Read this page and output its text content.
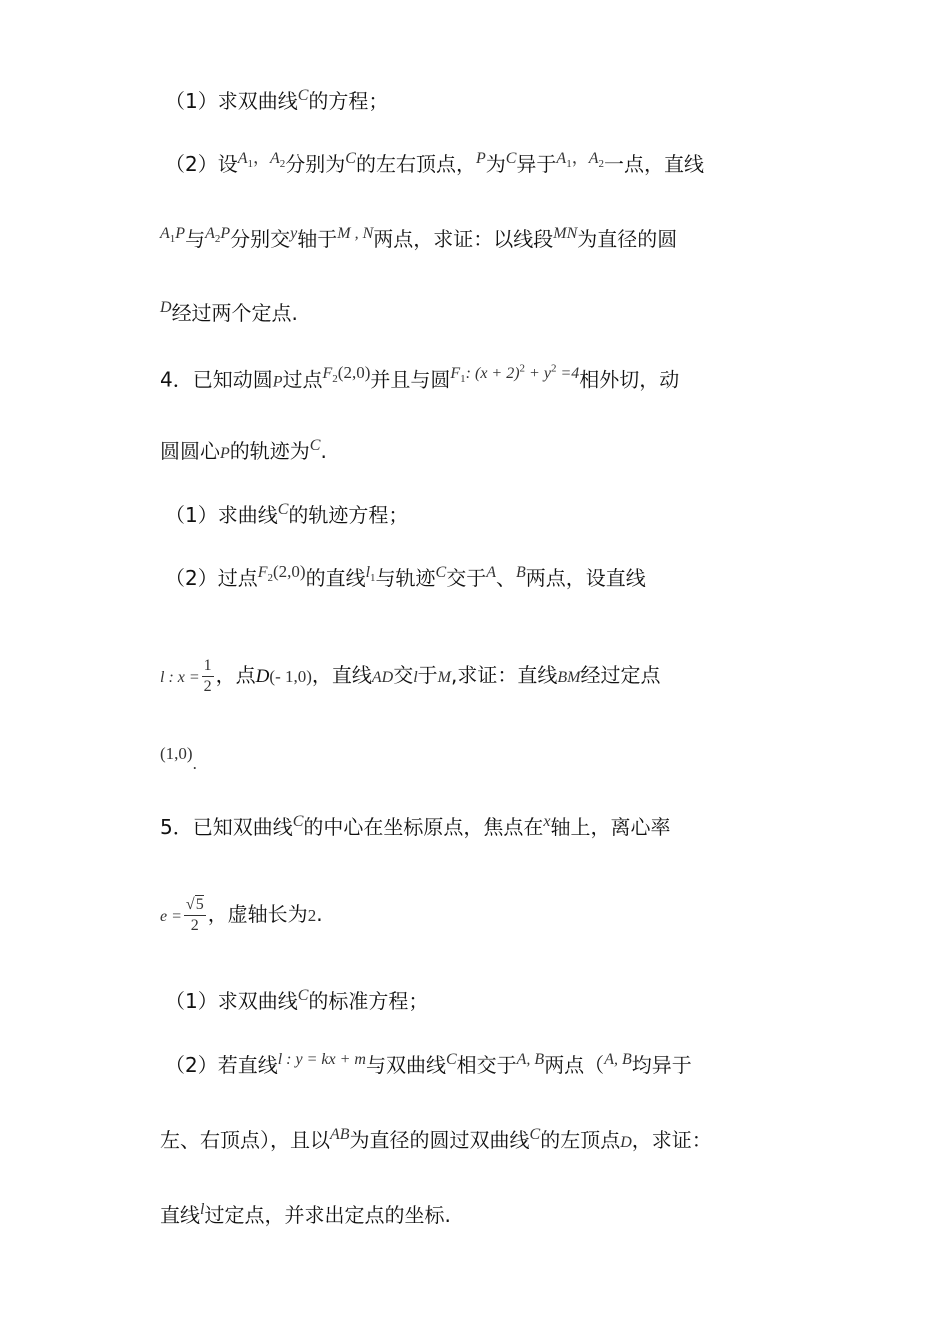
（1）求双曲线$^C$的方程；
（2）设$^{A_1,A_2}$分别为$^C$的左右顶点，$^P$为$^C$异于$^{A_1,A_2}$一点，直线
$^{A_1P}$与$^{A_2P}$分别交$^y$轴于$^{M , N}$两点，求证：以线段$^{MN}$为直径的圆
$^D$经过两个定点.
4．已知动圆P过点$^{F_2(2,0)}$并且与圆$^{F_1: (x + 2)^2 + y^2 =4}$相外切，动
圆圆心P的轨迹为$^C$.
（1）求曲线$^C$的轨迹方程；
（2）过点$^{F_2(2,0)}$的直线$^{l_1}$与轨迹$^C$交于$^A$、$^B$两点，设直线
l : $x = \frac{1}{2}$ ，点D(- 1,0)，直线AD交l于M,求证：直线BM经过定点
$(1,0)_.$
5．已知双曲线$^C$的中心在坐标原点，焦点在$^x$轴上，离心率
$e = \frac{√5}{2}$ ，虚轴长为2.
（1）求双曲线$^C$的标准方程；
（2）若直线$^{l : y = kx + m}$与双曲线$^C$相交于$^{A, B}$两点（$^{A, B}$均异于
左、右顶点），且以$^{AB}$为直径的圆过双曲线$^C$的左顶点D，求证：
直线$^l$过定点，并求出定点的坐标.
